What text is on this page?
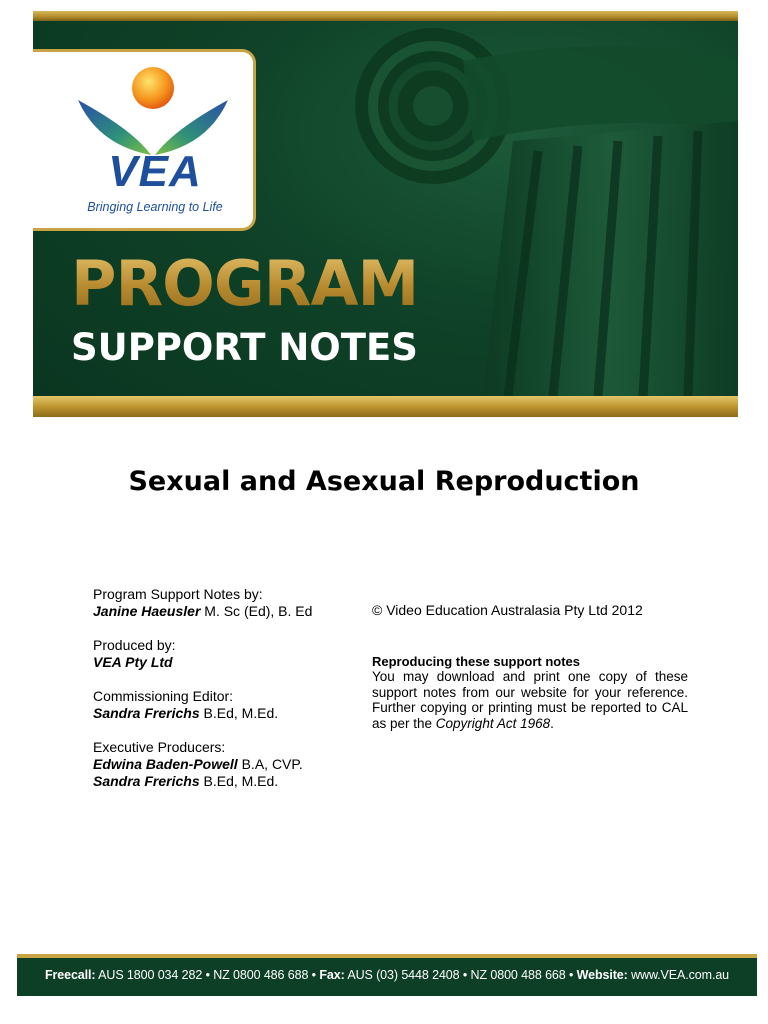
VEA
Bringing Learning to Life
PROGRAM
SUPPORT NOTES
Sexual and Asexual Reproduction
Program Support Notes by:
Janine Haeusler M. Sc (Ed), B. Ed
Produced by:
VEA Pty Ltd
Commissioning Editor:
Sandra Frerichs B.Ed, M.Ed.
Executive Producers:
Edwina Baden-Powell B.A, CVP.
Sandra Frerichs B.Ed, M.Ed.
© Video Education Australasia Pty Ltd 2012
Reproducing these support notes
You may download and print one copy of these support notes from our website for your reference. Further copying or printing must be reported to CAL as per the Copyright Act 1968.
Freecall: AUS 1800 034 282 • NZ 0800 486 688 • Fax: AUS (03) 5448 2408 • NZ 0800 488 668 • Website: www.VEA.com.au
